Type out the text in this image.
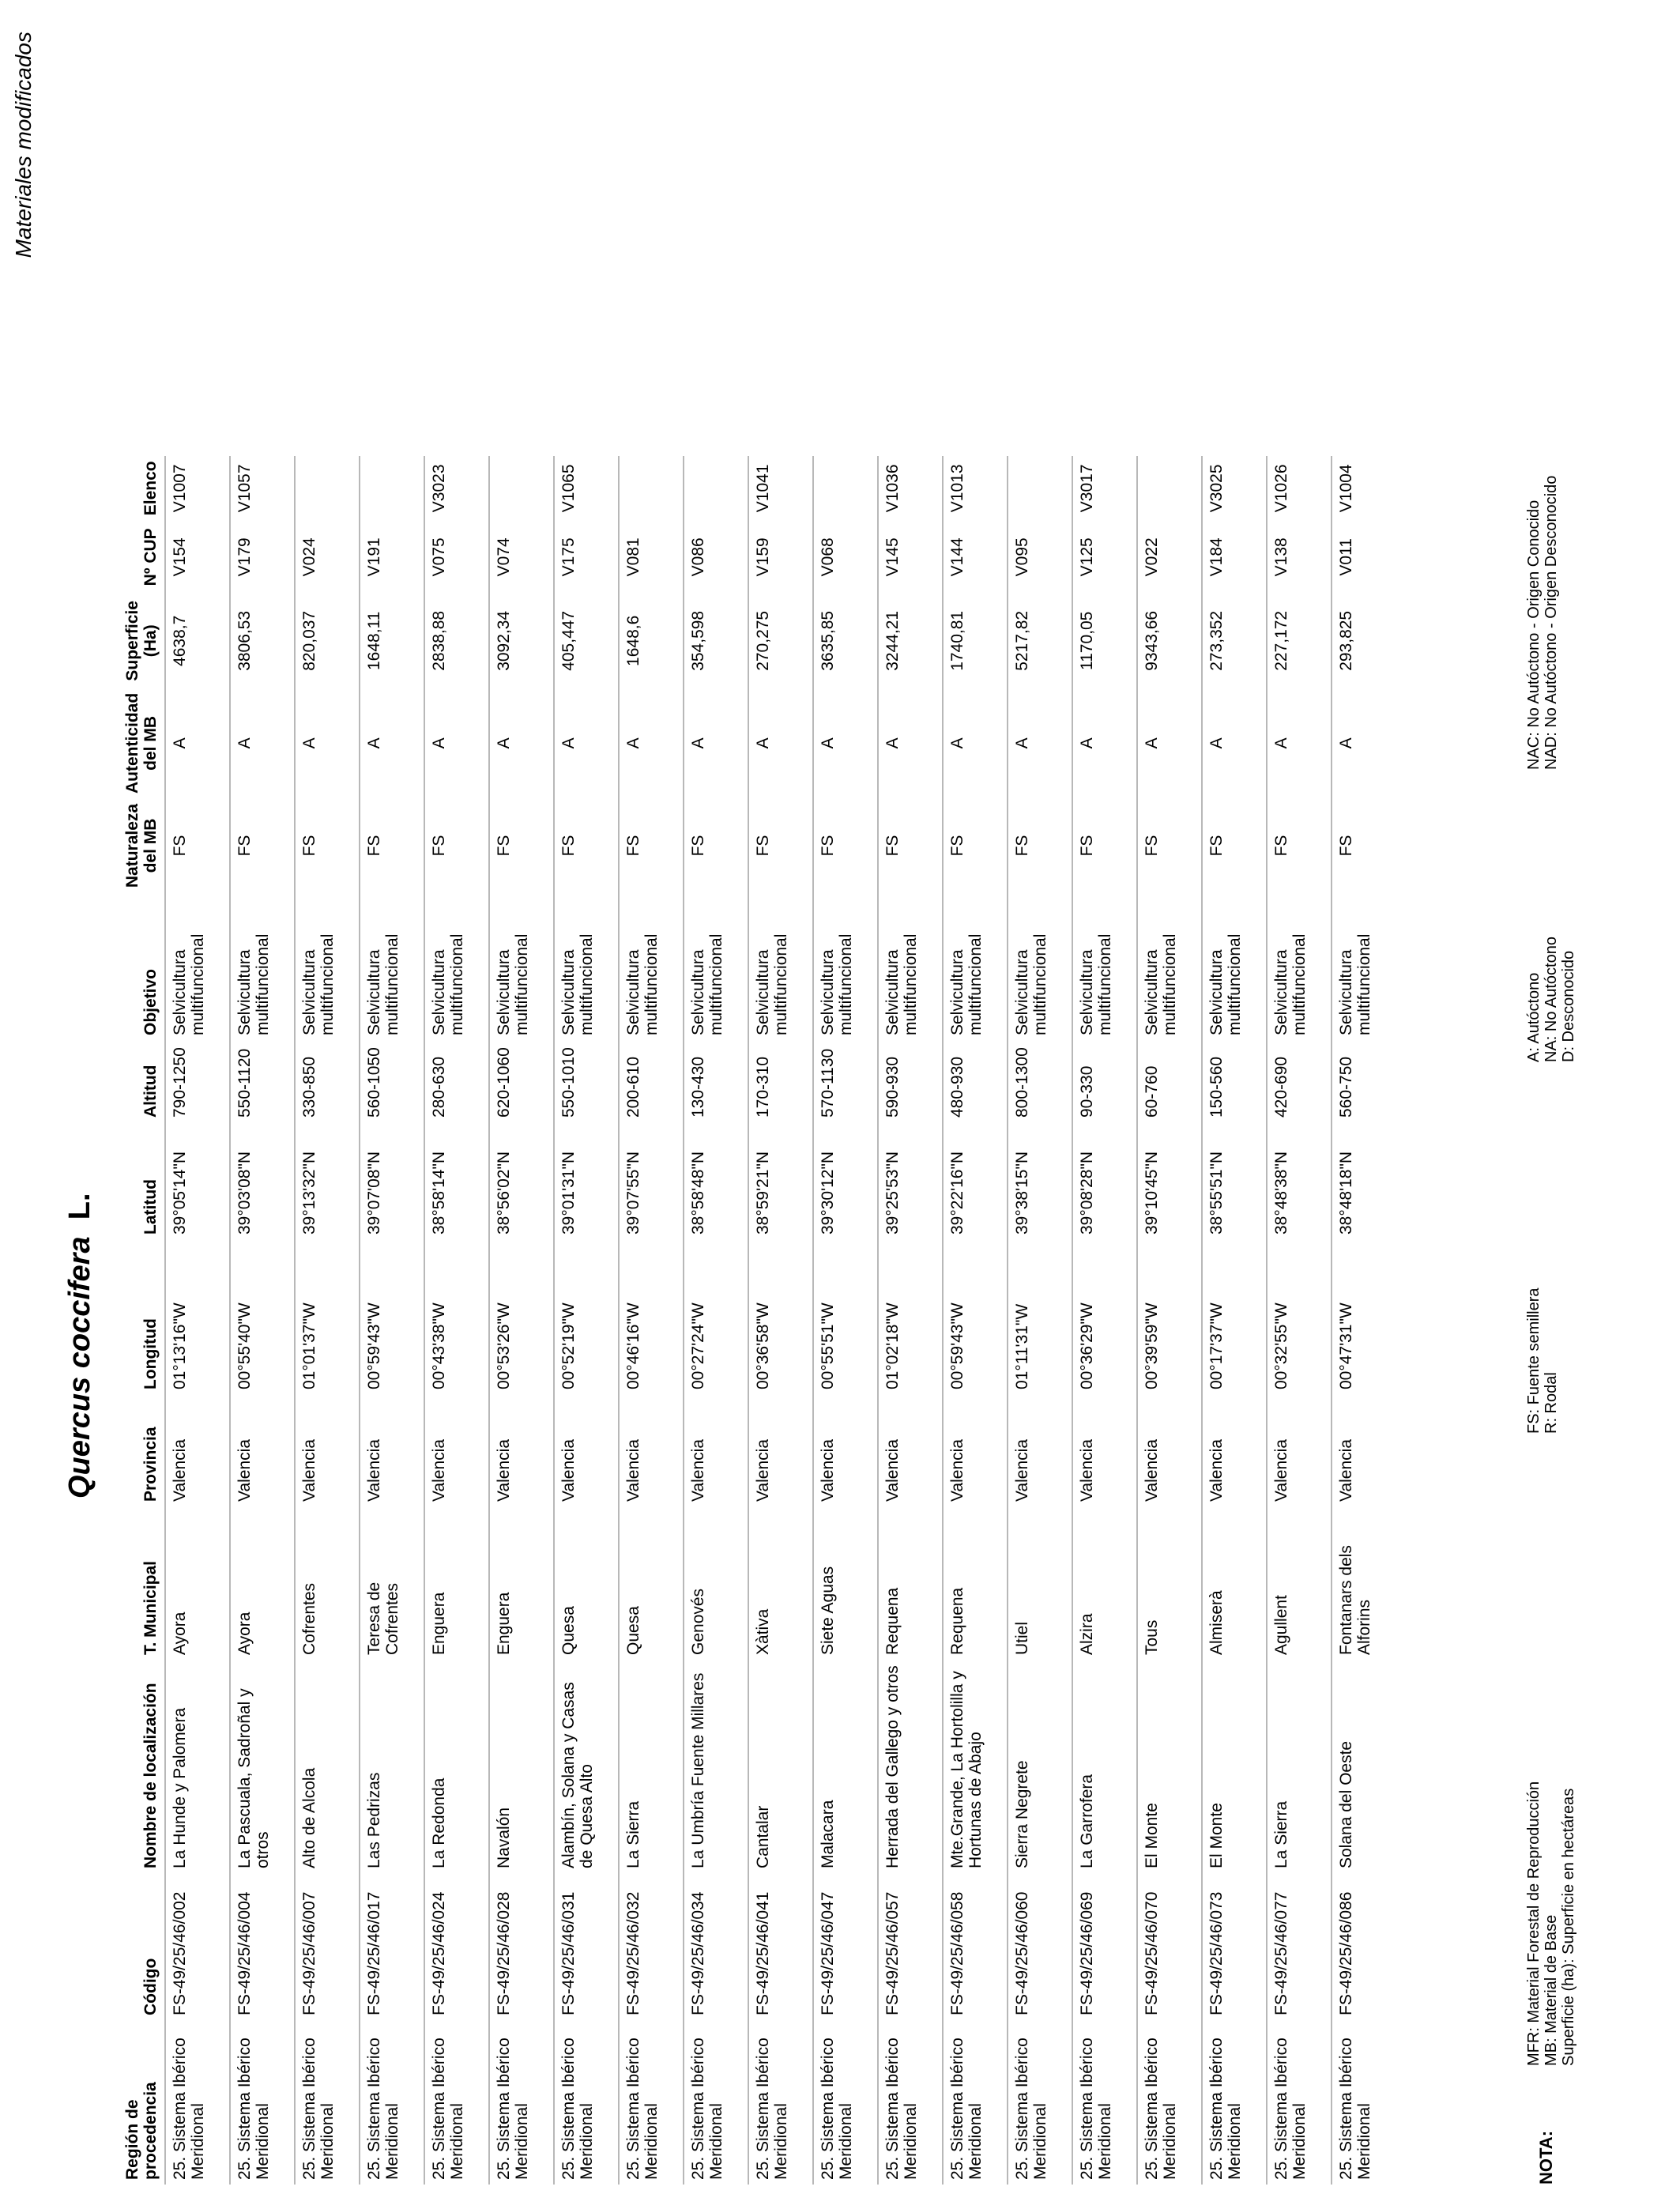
Materiales modificados
Quercus coccifera  L.
Región de procedencia	Código	Nombre de localización	T. Municipal	Provincia	Longitud	Latitud	Altitud	Objetivo	Naturaleza del MB	Autenticidad del MB	Superficie (Ha)	Nº CUP	Elenco
25. Sistema Ibérico Meridional	FS-49/25/46/002	La Hunde y Palomera	Ayora	Valencia	01°13'16"W	39°05'14"N	790-1250	Selvicultura multifuncional	FS	A	4638,7	V154	V1007
25. Sistema Ibérico Meridional	FS-49/25/46/004	La Pascuala, Sadroñal y otros	Ayora	Valencia	00°55'40"W	39°03'08"N	550-1120	Selvicultura multifuncional	FS	A	3806,53	V179	V1057
25. Sistema Ibérico Meridional	FS-49/25/46/007	Alto de Alcola	Cofrentes	Valencia	01°01'37"W	39°13'32"N	330-850	Selvicultura multifuncional	FS	A	820,037	V024	
25. Sistema Ibérico Meridional	FS-49/25/46/017	Las Pedrizas	Teresa de Cofrentes	Valencia	00°59'43"W	39°07'08"N	560-1050	Selvicultura multifuncional	FS	A	1648,11	V191	
25. Sistema Ibérico Meridional	FS-49/25/46/024	La Redonda	Enguera	Valencia	00°43'38"W	38°58'14"N	280-630	Selvicultura multifuncional	FS	A	2838,88	V075	V3023
25. Sistema Ibérico Meridional	FS-49/25/46/028	Navalón	Enguera	Valencia	00°53'26"W	38°56'02"N	620-1060	Selvicultura multifuncional	FS	A	3092,34	V074	
25. Sistema Ibérico Meridional	FS-49/25/46/031	Alambín, Solana y Casas de Quesa Alto	Quesa	Valencia	00°52'19"W	39°01'31"N	550-1010	Selvicultura multifuncional	FS	A	405,447	V175	V1065
25. Sistema Ibérico Meridional	FS-49/25/46/032	La Sierra	Quesa	Valencia	00°46'16"W	39°07'55"N	200-610	Selvicultura multifuncional	FS	A	1648,6	V081	
25. Sistema Ibérico Meridional	FS-49/25/46/034	La Umbría Fuente Millares	Genovés	Valencia	00°27'24"W	38°58'48"N	130-430	Selvicultura multifuncional	FS	A	354,598	V086	
25. Sistema Ibérico Meridional	FS-49/25/46/041	Cantalar	Xàtiva	Valencia	00°36'58"W	38°59'21"N	170-310	Selvicultura multifuncional	FS	A	270,275	V159	V1041
25. Sistema Ibérico Meridional	FS-49/25/46/047	Malacara	Siete Aguas	Valencia	00°55'51"W	39°30'12"N	570-1130	Selvicultura multifuncional	FS	A	3635,85	V068	
25. Sistema Ibérico Meridional	FS-49/25/46/057	Herrada del Gallego y otros	Requena	Valencia	01°02'18"W	39°25'53"N	590-930	Selvicultura multifuncional	FS	A	3244,21	V145	V1036
25. Sistema Ibérico Meridional	FS-49/25/46/058	Mte.Grande, La Hortolilla y Hortunas de Abajo	Requena	Valencia	00°59'43"W	39°22'16"N	480-930	Selvicultura multifuncional	FS	A	1740,81	V144	V1013
25. Sistema Ibérico Meridional	FS-49/25/46/060	Sierra Negrete	Utiel	Valencia	01°11'31"W	39°38'15"N	800-1300	Selvicultura multifuncional	FS	A	5217,82	V095	
25. Sistema Ibérico Meridional	FS-49/25/46/069	La Garrofera	Alzira	Valencia	00°36'29"W	39°08'28"N	90-330	Selvicultura multifuncional	FS	A	1170,05	V125	V3017
25. Sistema Ibérico Meridional	FS-49/25/46/070	El Monte	Tous	Valencia	00°39'59"W	39°10'45"N	60-760	Selvicultura multifuncional	FS	A	9343,66	V022	
25. Sistema Ibérico Meridional	FS-49/25/46/073	El Monte	Almiserà	Valencia	00°17'37"W	38°55'51"N	150-560	Selvicultura multifuncional	FS	A	273,352	V184	V3025
25. Sistema Ibérico Meridional	FS-49/25/46/077	La Sierra	Agullent	Valencia	00°32'55"W	38°48'38"N	420-690	Selvicultura multifuncional	FS	A	227,172	V138	V1026
25. Sistema Ibérico Meridional	FS-49/25/46/086	Solana del Oeste	Fontanars dels Alforins	Valencia	00°47'31"W	38°48'18"N	560-750	Selvicultura multifuncional	FS	A	293,825	V011	V1004
NOTA:
MFR: Material Forestal de Reproducción MB: Material de Base Superficie (ha): Superficie en hectáreas
FS: Fuente semillera R: Rodal
A: Autóctono NA: No Autóctono D: Desconocido
NAC: No Autóctono - Origen Conocido NAD: No Autóctono - Origen Desconocido
